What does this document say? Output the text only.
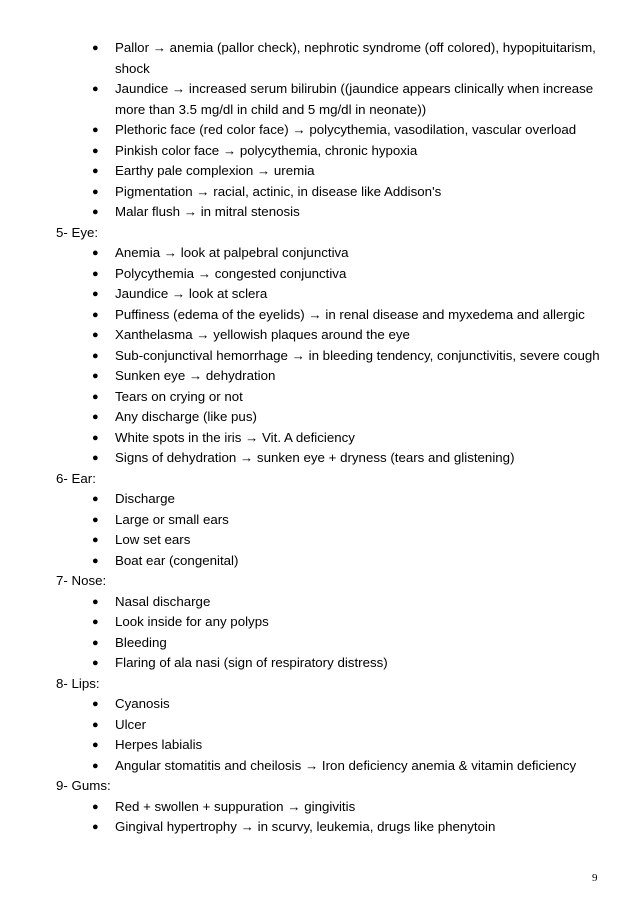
● Pallor → anemia (pallor check), nephrotic syndrome (off colored), hypopituitarism, shock
● Jaundice → increased serum bilirubin ((jaundice appears clinically when increase more than 3.5 mg/dl in child and 5 mg/dl in neonate))
● Plethoric face (red color face) → polycythemia, vasodilation, vascular overload
● Pinkish color face → polycythemia, chronic hypoxia
● Earthy pale complexion → uremia
● Pigmentation → racial, actinic, in disease like Addison's
● Malar flush → in mitral stenosis
5- Eye:
● Anemia → look at palpebral conjunctiva
● Polycythemia → congested conjunctiva
● Jaundice → look at sclera
● Puffiness (edema of the eyelids) → in renal disease and myxedema and allergic
● Xanthelasma → yellowish plaques around the eye
● Sub-conjunctival hemorrhage → in bleeding tendency, conjunctivitis, severe cough
● Sunken eye → dehydration
● Tears on crying or not
● Any discharge (like pus)
● White spots in the iris → Vit. A deficiency
● Signs of dehydration → sunken eye + dryness (tears and glistening)
6- Ear:
● Discharge
● Large or small ears
● Low set ears
● Boat ear (congenital)
7- Nose:
● Nasal discharge
● Look inside for any polyps
● Bleeding
● Flaring of ala nasi (sign of respiratory distress)
8- Lips:
● Cyanosis
● Ulcer
● Herpes labialis
● Angular stomatitis and cheilosis → Iron deficiency anemia & vitamin deficiency
9- Gums:
● Red + swollen + suppuration → gingivitis
● Gingival hypertrophy → in scurvy, leukemia, drugs like phenytoin
9
